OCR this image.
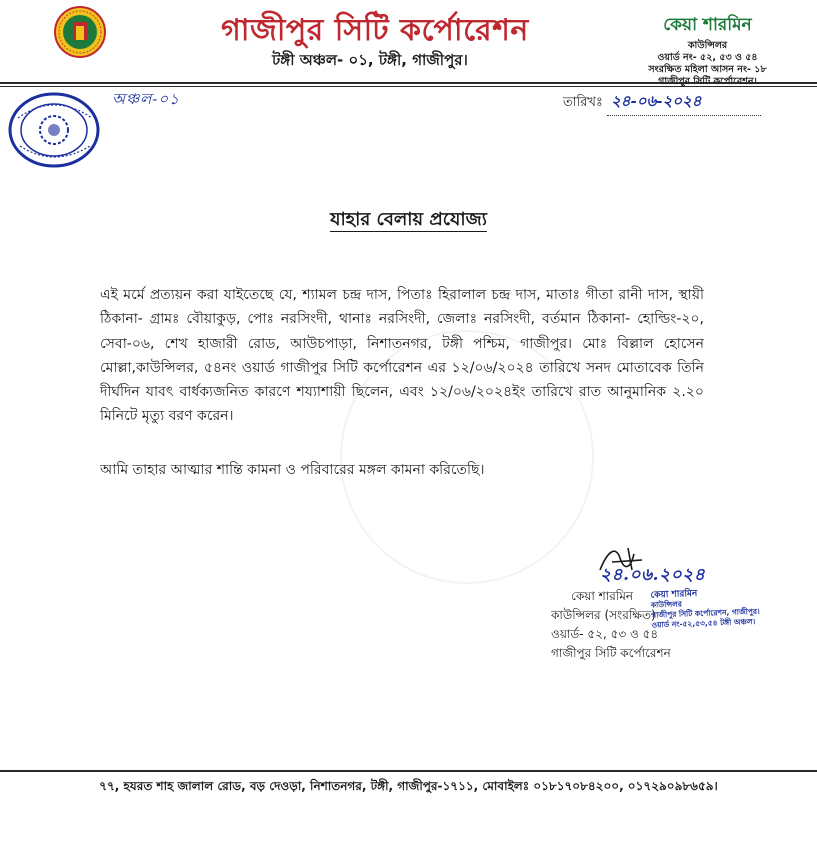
গাজীপুর সিটি কর্পোরেশন
টঙ্গী অঞ্চল- ০১, টঙ্গী, গাজীপুর।
কেয়া শারমিন
কাউন্সিলর
ওয়ার্ড নং- ৫২, ৫৩ ও ৫৪
সংরক্ষিত মহিলা আসন নং- ১৮
গাজীপুর সিটি কর্পোরেশন।
অঞ্চল-০১	তারিখঃ ২৪-০৬-২০২৪
যাহার বেলায় প্রযোজ্য
এই মর্মে প্রত্যয়ন করা যাইতেছে যে, শ্যামল চন্দ্র দাস, পিতাঃ হিরালাল চন্দ্র দাস, মাতাঃ গীতা রানী দাস, স্থায়ী ঠিকানা- গ্রামঃ বৌয়াকুড়, পোঃ নরসিংদী, থানাঃ নরসিংদী, জেলাঃ নরসিংদী, বর্তমান ঠিকানা- হোল্ডিং-২০, সেবা-০৬, শেখ হাজারী রোড, আউচপাড়া, নিশাতনগর, টঙ্গী পশ্চিম, গাজীপুর। মোঃ বিল্লাল হোসেন মোল্লা,কাউন্সিলর, ৫৪নং ওয়ার্ড গাজীপুর সিটি কর্পোরেশন এর ১২/০৬/২০২৪ তারিখে সনদ মোতাবেক তিনি দীর্ঘদিন যাবৎ বার্ধক্যজনিত কারণে শয্যাশায়ী ছিলেন, এবং ১২/০৬/২০২৪ইং তারিখে রাত আনুমানিক ২.২০ মিনিটে মৃত্যু বরণ করেন।
আমি তাহার আত্মার শান্তি কামনা ও পরিবারের মঙ্গল কামনা করিতেছি।
২৪.০৬.২০২৪
কেয়া শারমিন
কাউন্সিলর (সংরক্ষিত)
ওয়ার্ড- ৫২, ৫৩ ও ৫৪
গাজীপুর সিটি কর্পোরেশন
কেয়া শারমিন
কাউন্সিলর
গাজীপুর সিটি কর্পোরেশন, গাজীপুর।
ওয়ার্ড নং-৫২,৫৩,৫৪ টঙ্গী অঞ্চল।
৭৭, হযরত শাহ জালাল রোড, বড় দেওড়া, নিশাতনগর, টঙ্গী, গাজীপুর-১৭১১, মোবাইলঃ ০১৮১৭০৮৪২০০, ০১৭২৯০৯৮৬৫৯।
